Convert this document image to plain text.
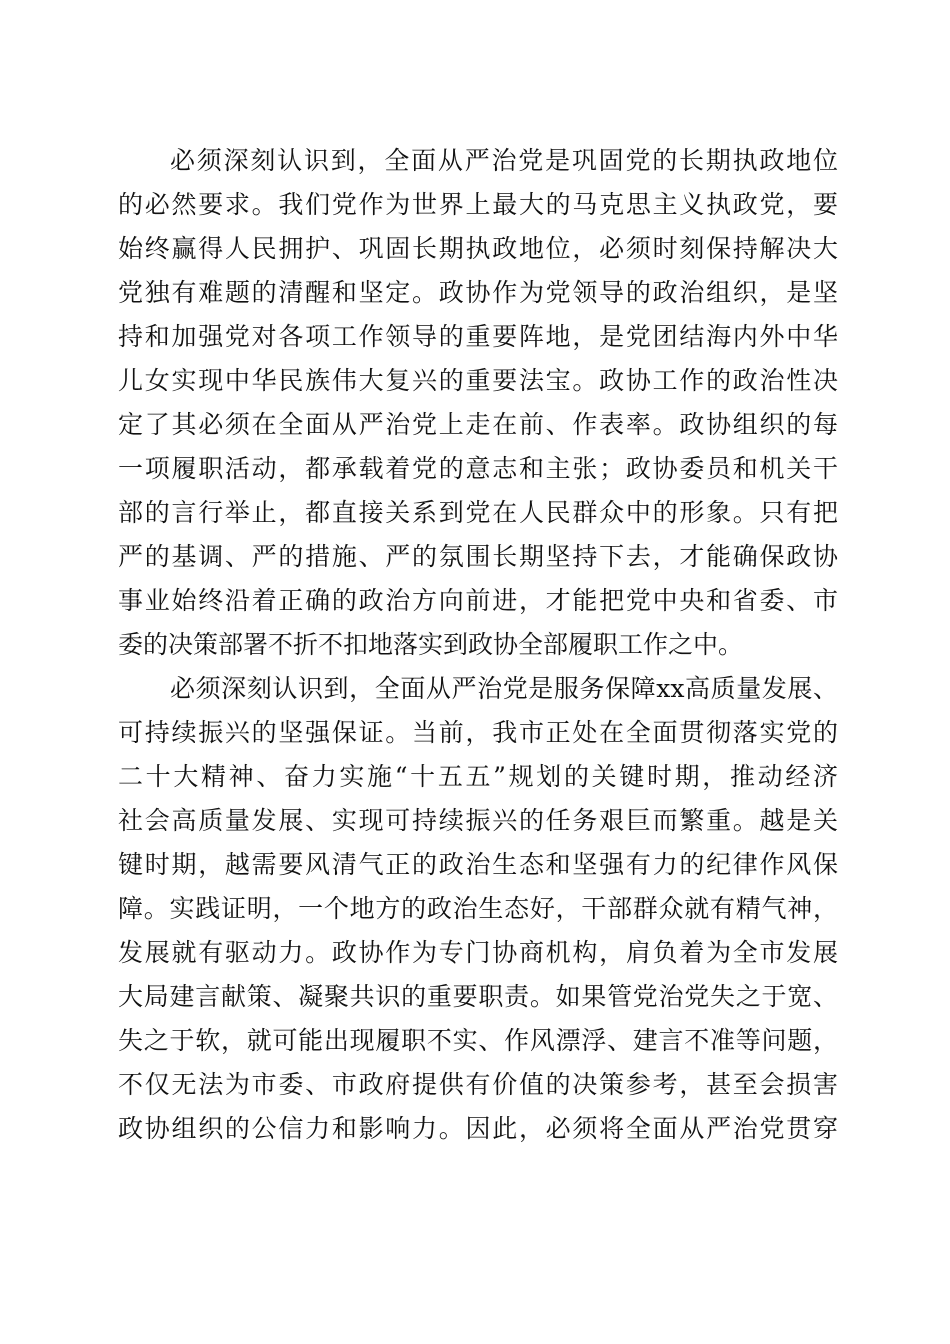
必须深刻认识到，全面从严治党是巩固党的长期执政地位
的必然要求。我们党作为世界上最大的马克思主义执政党，要
始终赢得人民拥护、巩固长期执政地位，必须时刻保持解决大
党独有难题的清醒和坚定。政协作为党领导的政治组织，是坚
持和加强党对各项工作领导的重要阵地，是党团结海内外中华
儿女实现中华民族伟大复兴的重要法宝。政协工作的政治性决
定了其必须在全面从严治党上走在前、作表率。政协组织的每
一项履职活动，都承载着党的意志和主张；政协委员和机关干
部的言行举止，都直接关系到党在人民群众中的形象。只有把
严的基调、严的措施、严的氛围长期坚持下去，才能确保政协
事业始终沿着正确的政治方向前进，才能把党中央和省委、市
委的决策部署不折不扣地落实到政协全部履职工作之中。
必须深刻认识到，全面从严治党是服务保障xx高质量发展、
可持续振兴的坚强保证。当前，我市正处在全面贯彻落实党的
二十大精神、奋力实施“十五五”规划的关键时期，推动经济
社会高质量发展、实现可持续振兴的任务艰巨而繁重。越是关
键时期，越需要风清气正的政治生态和坚强有力的纪律作风保
障。实践证明，一个地方的政治生态好，干部群众就有精气神，
发展就有驱动力。政协作为专门协商机构，肩负着为全市发展
大局建言献策、凝聚共识的重要职责。如果管党治党失之于宽、
失之于软，就可能出现履职不实、作风漂浮、建言不准等问题，
不仅无法为市委、市政府提供有价值的决策参考，甚至会损害
政协组织的公信力和影响力。因此，必须将全面从严治党贯穿
